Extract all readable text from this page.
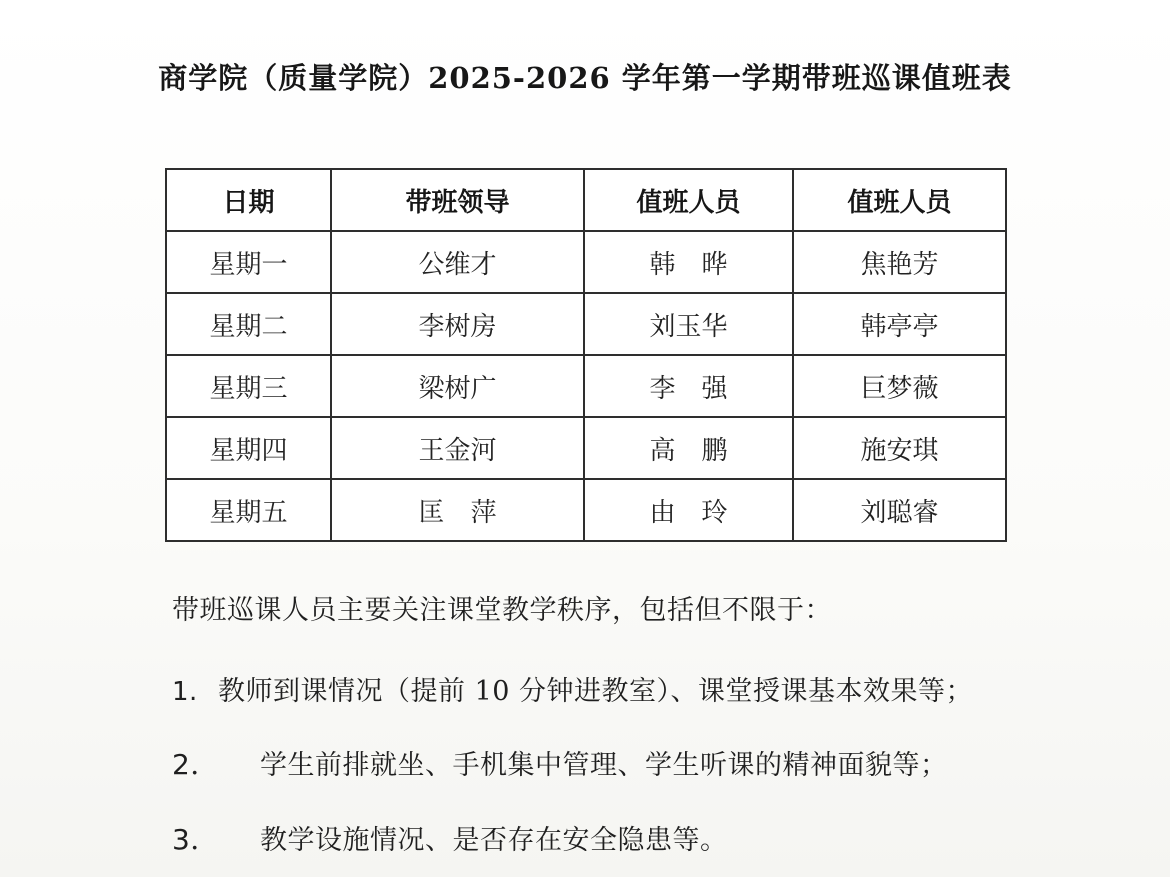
商学院（质量学院）2025-2026 学年第一学期带班巡课值班表
日期	带班领导	值班人员	值班人员
星期一	公维才	韩　晔	焦艳芳
星期二	李树房	刘玉华	韩亭亭
星期三	梁树广	李　强	巨梦薇
星期四	王金河	高　鹏	施安琪
星期五	匡　萍	由　玲	刘聪睿

带班巡课人员主要关注课堂教学秩序，包括但不限于：

1. 教师到课情况（提前 10 分钟进教室）、课堂授课基本效果等；

2．	学生前排就坐、手机集中管理、学生听课的精神面貌等；

3．	教学设施情况、是否存在安全隐患等。
